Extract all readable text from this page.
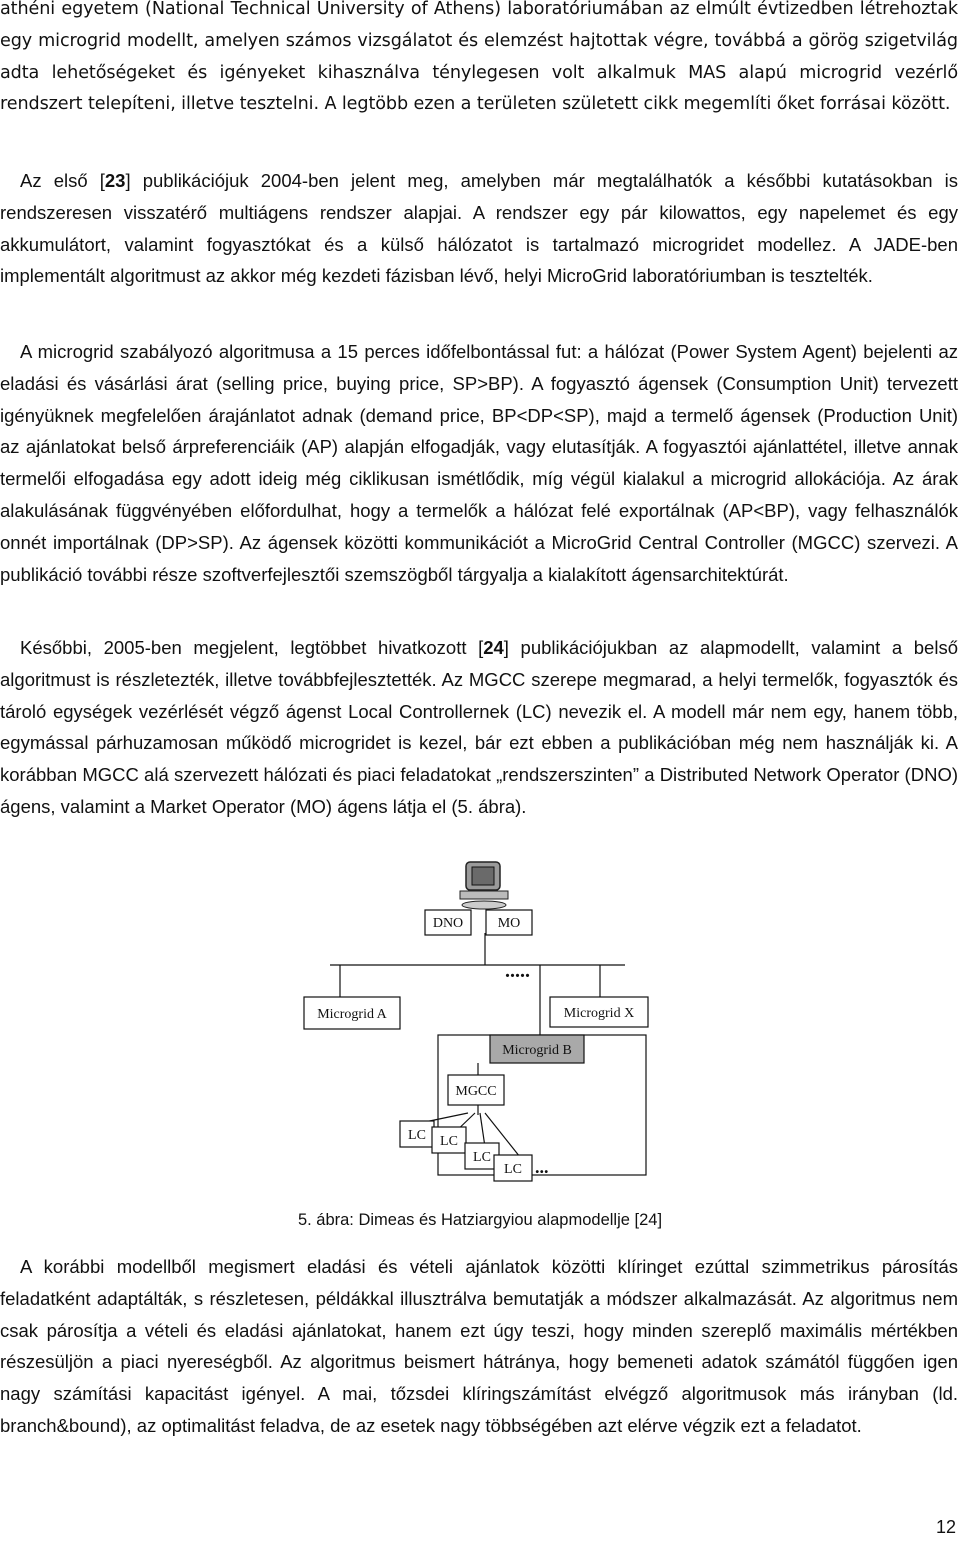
athéni egyetem (National Technical University of Athens) laboratóriumában az elmúlt évtizedben létrehoztak egy microgrid modellt, amelyen számos vizsgálatot és elemzést hajtottak végre, továbbá a görög szigetvilág adta lehetőségeket és igényeket kihasználva ténylegesen volt alkalmuk MAS alapú microgrid vezérlő rendszert telepíteni, illetve tesztelni. A legtöbb ezen a területen született cikk megemlíti őket forrásai között.

Az első [23] publikációjuk 2004-ben jelent meg, amelyben már megtalálhatók a későbbi kutatásokban is rendszeresen visszatérő multiágens rendszer alapjai. A rendszer egy pár kilowattos, egy napelemet és egy akkumulátort, valamint fogyasztókat és a külső hálózatot is tartalmazó microgridet modellez. A JADE-ben implementált algoritmust az akkor még kezdeti fázisban lévő, helyi MicroGrid laboratóriumban is tesztelték.

A microgrid szabályozó algoritmusa a 15 perces időfelbontással fut: a hálózat (Power System Agent) bejelenti az eladási és vásárlási árat (selling price, buying price, SP>BP). A fogyasztó ágensek (Consumption Unit) tervezett igényüknek megfelelően árajánlatot adnak (demand price, BP<DP<SP), majd a termelő ágensek (Production Unit) az ajánlatokat belső árpreferenciáik (AP) alapján elfogadják, vagy elutasítják. A fogyasztói ajánlattétel, illetve annak termelői elfogadása egy adott ideig még ciklikusan ismétlődik, míg végül kialakul a microgrid allokációja. Az árak alakulásának függvényében előfordulhat, hogy a termelők a hálózat felé exportálnak (AP<BP), vagy felhasználók onnét importálnak (DP>SP). Az ágensek közötti kommunikációt a MicroGrid Central Controller (MGCC) szervezi. A publikáció további része szoftverfejlesztői szemszögből tárgyalja a kialakított ágensarchitektúrát.

Későbbi, 2005-ben megjelent, legtöbbet hivatkozott [24] publikációjukban az alapmodellt, valamint a belső algoritmust is részletezték, illetve továbbfejlesztették. Az MGCC szerepe megmarad, a helyi termelők, fogyasztók és tároló egységek vezérlését végző ágenst Local Controllernek (LC) nevezik el. A modell már nem egy, hanem több, egymással párhuzamosan működő microgridet is kezel, bár ezt ebben a publikációban még nem használják ki. A korábban MGCC alá szervezett hálózati és piaci feladatokat „rendszerszinten” a Distributed Network Operator (DNO) ágens, valamint a Market Operator (MO) ágens látja el (5. ábra).

DNO MO
.....
Microgrid A	Microgrid X
Microgrid B
MGCC
LC LC
LC
LC ...
5. ábra: Dimeas és Hatziargyiou alapmodellje [24]

A korábbi modellből megismert eladási és vételi ajánlatok közötti klíringet ezúttal szimmetrikus párosítás feladatként adaptálták, s részletesen, példákkal illusztrálva bemutatják a módszer alkalmazását. Az algoritmus nem csak párosítja a vételi és eladási ajánlatokat, hanem ezt úgy teszi, hogy minden szereplő maximális mértékben részesüljön a piaci nyereségből. Az algoritmus beismert hátránya, hogy bemeneti adatok számától függően igen nagy számítási kapacitást igényel. A mai, tőzsdei klíringszámítást elvégző algoritmusok más irányban (ld. branch&bound), az optimalitást feladva, de az esetek nagy többségében azt elérve végzik ezt a feladatot.

12
